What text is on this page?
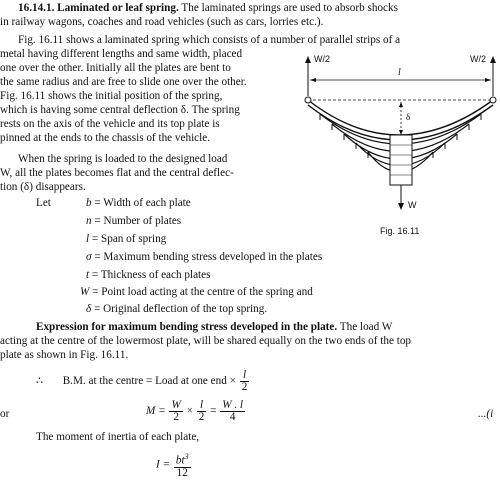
16.14.1. Laminated or leaf spring. The laminated springs are used to absorb shocks
in railway wagons, coaches and road vehicles (such as cars, lorries etc.).
Fig. 16.11 shows a laminated spring which consists of a number of parallel strips of a
metal having different lengths and same width, placed
one over the other. Initially all the plates are bent to
the same radius and are free to slide one over the other.
Fig. 16.11 shows the initial position of the spring,
which is having some central deflection δ. The spring
rests on the axis of the vehicle and its top plate is
pinned at the ends to the chassis of the vehicle.
When the spring is loaded to the designed load
W, all the plates becomes flat and the central deflec-
tion (δ) disappears.
Let	b = Width of each plate
n = Number of plates
l = Span of spring
σ = Maximum bending stress developed in the plates
t = Thickness of each plates
W = Point load acting at the centre of the spring and
δ = Original deflection of the top spring.
Expression for maximum bending stress developed in the plate. The load W
acting at the centre of the lowermost plate, will be shared equally on the two ends of the top
plate as shown in Fig. 16.11.
∴ B.M. at the centre = Load at one end × $\frac{l}{2}$
or	$M = \frac{W}{2} \times \frac{l}{2} = \frac{W . l}{4}$	...(i
The moment of inertia of each plate,
$I = \frac{bt^3}{12}$
W/2	W/2
l
δ
W
Fig. 16.11
